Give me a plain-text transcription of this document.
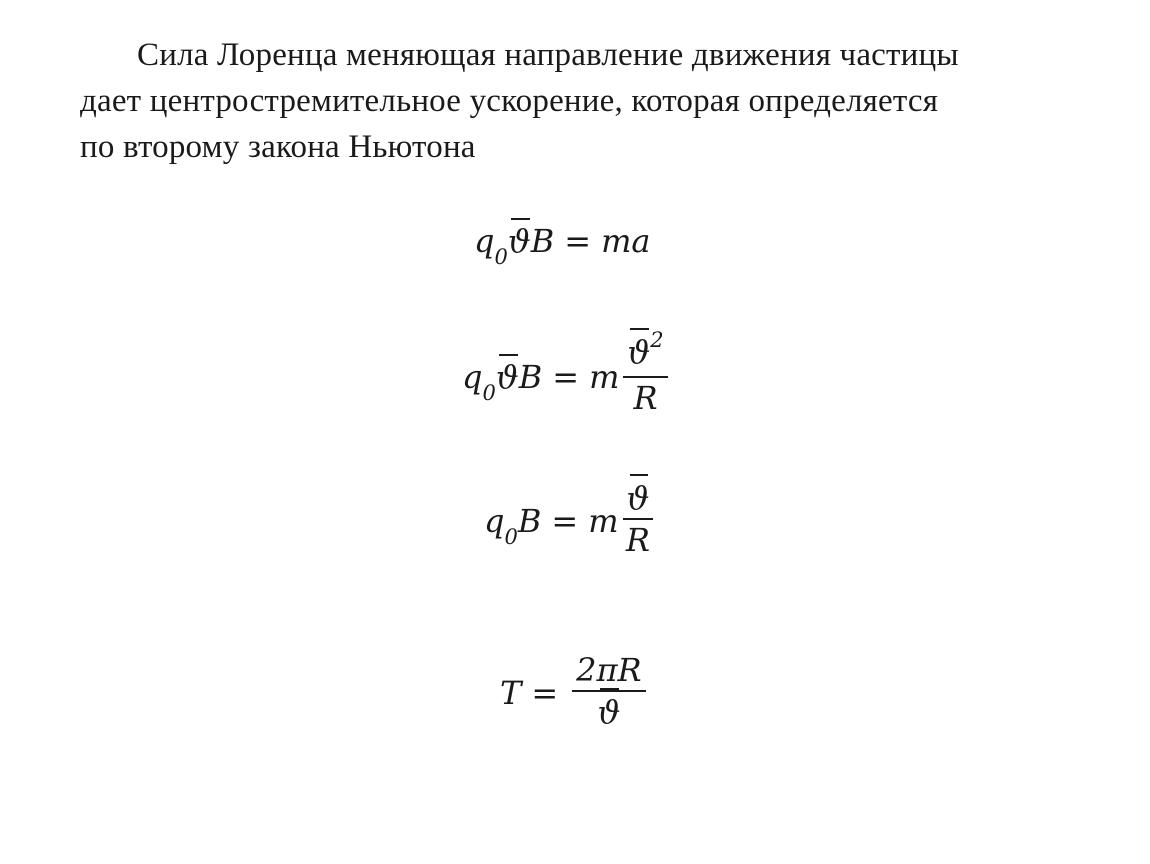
Сила Лоренца меняющая направление движения частицы
дает центростремительное ускорение, которая определяется
по второму закона Ньютона
q0ϑB = ma
q0ϑB = m $\frac{ϑ2}{R}$
q0B = m $\frac{ϑ}{R}$
$T = \frac{2\pi R}{ϑ}$
